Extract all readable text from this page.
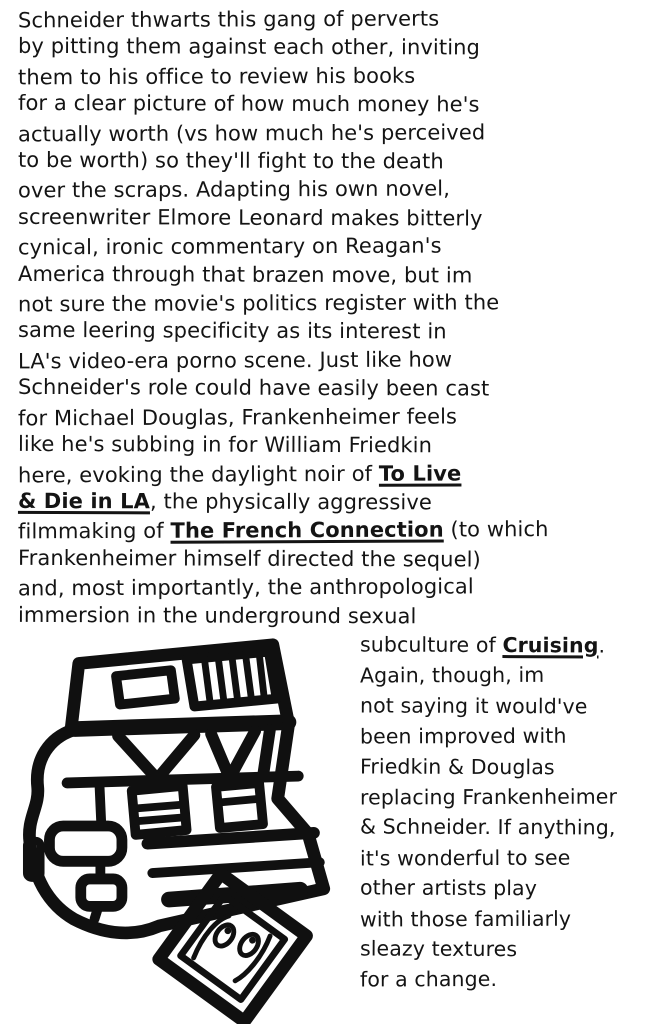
Schneider thwarts this gang of perverts
by pitting them against each other, inviting
them to his office to review his books
for a clear picture of how much money he's
actually worth (vs how much he's perceived
to be worth) so they'll fight to the death
over the scraps. Adapting his own novel,
screenwriter Elmore Leonard makes bitterly
cynical, ironic commentary on Reagan's
America through that brazen move, but im
not sure the movie's politics register with the
same leering specificity as its interest in
LA's video-era porno scene. Just like how
Schneider's role could have easily been cast
for Michael Douglas, Frankenheimer feels
like he's subbing in for William Friedkin
here, evoking the daylight noir of To Live
& Die in LA, the physically aggressive
filmmaking of The French Connection (to which
Frankenheimer himself directed the sequel)
and, most importantly, the anthropological
immersion in the underground sexual
subculture of Cruising.
Again, though, im
not saying it would've
been improved with
Friedkin & Douglas
replacing Frankenheimer
& Schneider. If anything,
it's wonderful to see
other artists play
with those familiarly
sleazy textures
for a change.
